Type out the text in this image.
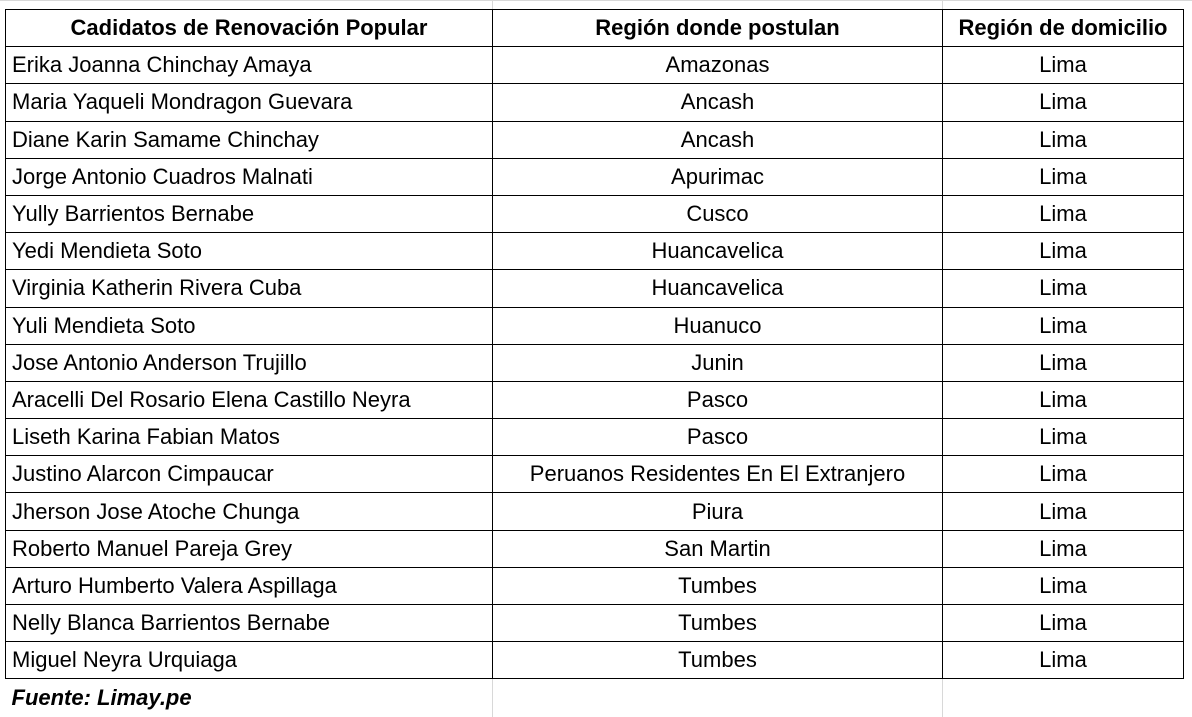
Cadidatos de Renovación Popular	Región donde postulan	Región de domicilio
Erika Joanna Chinchay Amaya	Amazonas	Lima
Maria Yaqueli Mondragon Guevara	Ancash	Lima
Diane Karin Samame Chinchay	Ancash	Lima
Jorge Antonio Cuadros Malnati	Apurimac	Lima
Yully Barrientos Bernabe	Cusco	Lima
Yedi Mendieta Soto	Huancavelica	Lima
Virginia Katherin Rivera Cuba	Huancavelica	Lima
Yuli Mendieta Soto	Huanuco	Lima
Jose Antonio Anderson Trujillo	Junin	Lima
Aracelli Del Rosario Elena Castillo Neyra	Pasco	Lima
Liseth Karina Fabian Matos	Pasco	Lima
Justino Alarcon Cimpaucar	Peruanos Residentes En El Extranjero	Lima
Jherson Jose Atoche Chunga	Piura	Lima
Roberto Manuel Pareja Grey	San Martin	Lima
Arturo Humberto Valera Aspillaga	Tumbes	Lima
Nelly Blanca Barrientos Bernabe	Tumbes	Lima
Miguel Neyra Urquiaga	Tumbes	Lima
Fuente: Limay.pe		
